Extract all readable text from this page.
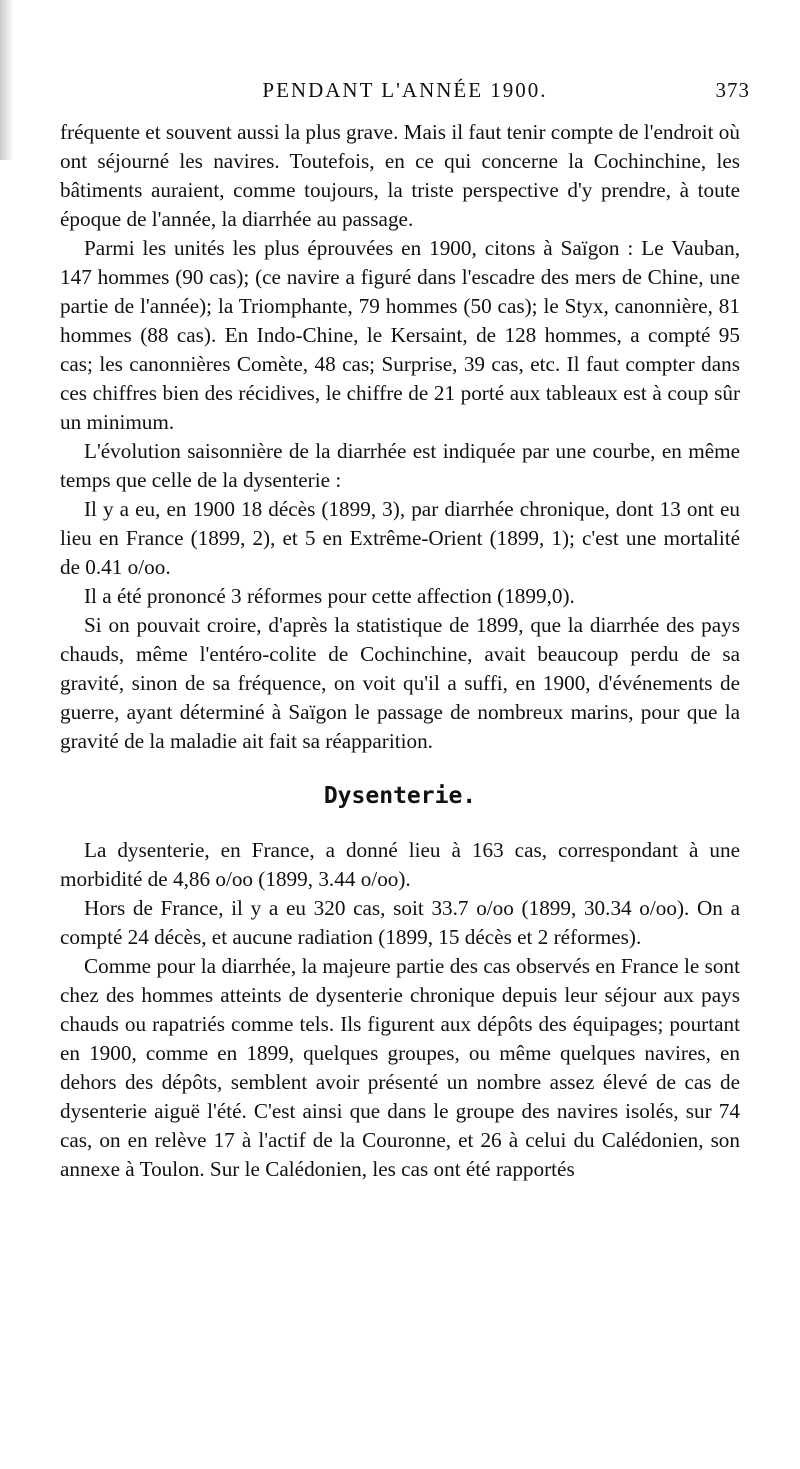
PENDANT L'ANNÉE 1900.	373

fréquente et souvent aussi la plus grave. Mais il faut tenir compte de l'endroit où ont séjourné les navires. Toutefois, en ce qui concerne la Cochinchine, les bâtiments auraient, comme toujours, la triste perspective d'y prendre, à toute époque de l'année, la diarrhée au passage.

Parmi les unités les plus éprouvées en 1900, citons à Saïgon : Le Vauban, 147 hommes (90 cas); (ce navire a figuré dans l'escadre des mers de Chine, une partie de l'année); la Triomphante, 79 hommes (50 cas); le Styx, canonnière, 81 hommes (88 cas). En Indo-Chine, le Kersaint, de 128 hommes, a compté 95 cas; les canonnières Comète, 48 cas; Surprise, 39 cas, etc. Il faut compter dans ces chiffres bien des récidives, le chiffre de 21 porté aux tableaux est à coup sûr un minimum.

L'évolution saisonnière de la diarrhée est indiquée par une courbe, en même temps que celle de la dysenterie :

Il y a eu, en 1900 18 décès (1899, 3), par diarrhée chronique, dont 13 ont eu lieu en France (1899, 2), et 5 en Extrême-Orient (1899, 1); c'est une mortalité de 0.41 o/oo.

Il a été prononcé 3 réformes pour cette affection (1899,0).

Si on pouvait croire, d'après la statistique de 1899, que la diarrhée des pays chauds, même l'entéro-colite de Cochinchine, avait beaucoup perdu de sa gravité, sinon de sa fréquence, on voit qu'il a suffi, en 1900, d'événements de guerre, ayant déterminé à Saïgon le passage de nombreux marins, pour que la gravité de la maladie ait fait sa réapparition.

Dysenterie.

La dysenterie, en France, a donné lieu à 163 cas, correspondant à une morbidité de 4,86 o/oo (1899, 3.44 o/oo).

Hors de France, il y a eu 320 cas, soit 33.7 o/oo (1899, 30.34 o/oo). On a compté 24 décès, et aucune radiation (1899, 15 décès et 2 réformes).

Comme pour la diarrhée, la majeure partie des cas observés en France le sont chez des hommes atteints de dysenterie chronique depuis leur séjour aux pays chauds ou rapatriés comme tels. Ils figurent aux dépôts des équipages; pourtant en 1900, comme en 1899, quelques groupes, ou même quelques navires, en dehors des dépôts, semblent avoir présenté un nombre assez élevé de cas de dysenterie aiguë l'été. C'est ainsi que dans le groupe des navires isolés, sur 74 cas, on en relève 17 à l'actif de la Couronne, et 26 à celui du Calédonien, son annexe à Toulon. Sur le Calédonien, les cas ont été rapportés
